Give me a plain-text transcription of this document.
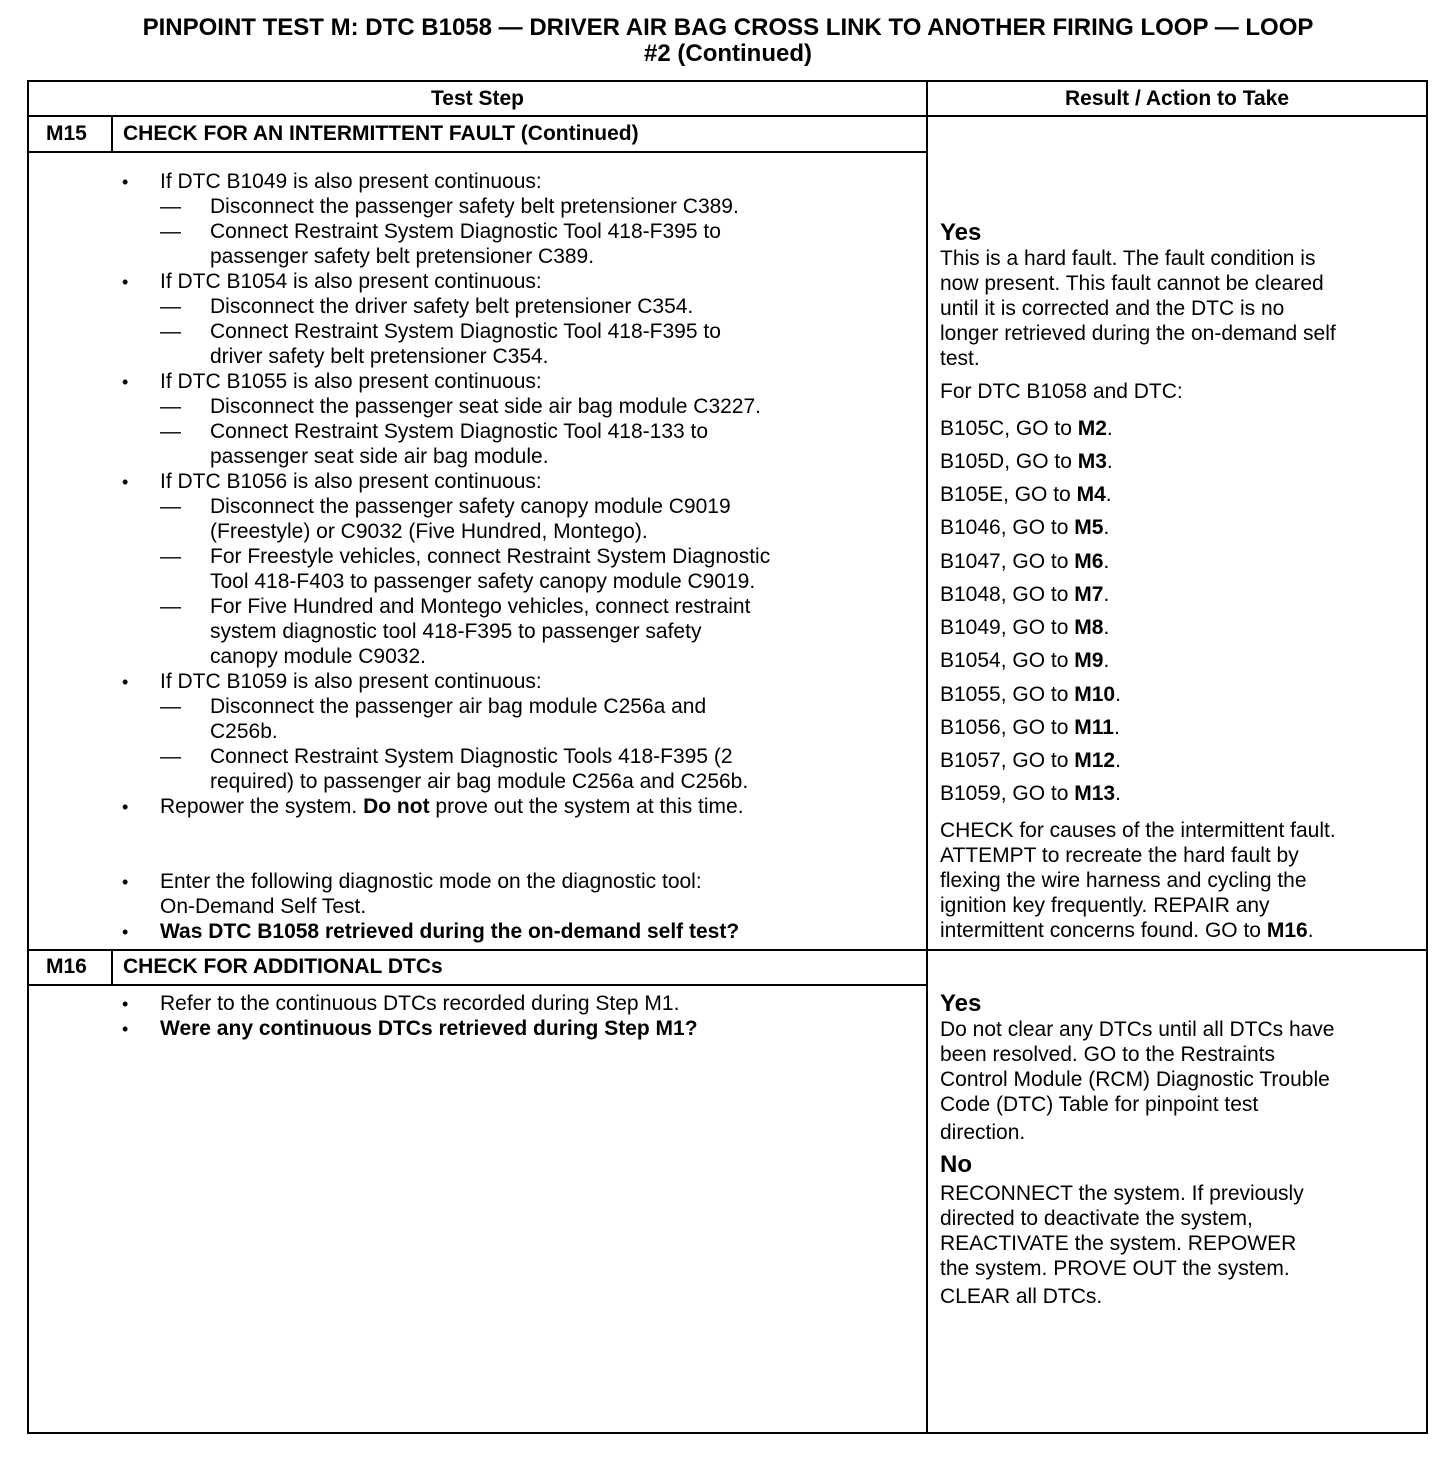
PINPOINT TEST M: DTC B1058 — DRIVER AIR BAG CROSS LINK TO ANOTHER FIRING LOOP — LOOP
#2 (Continued)
Test Step	Result / Action to Take
M15 CHECK FOR AN INTERMITTENT FAULT (Continued)
• If DTC B1049 is also present continuous:
— Disconnect the passenger safety belt pretensioner C389.
— Connect Restraint System Diagnostic Tool 418-F395 to
passenger safety belt pretensioner C389.
• If DTC B1054 is also present continuous:
— Disconnect the driver safety belt pretensioner C354.
— Connect Restraint System Diagnostic Tool 418-F395 to
driver safety belt pretensioner C354.
• If DTC B1055 is also present continuous:
— Disconnect the passenger seat side air bag module C3227.
— Connect Restraint System Diagnostic Tool 418-133 to
passenger seat side air bag module.
• If DTC B1056 is also present continuous:
— Disconnect the passenger safety canopy module C9019
(Freestyle) or C9032 (Five Hundred, Montego).
— For Freestyle vehicles, connect Restraint System Diagnostic
Tool 418-F403 to passenger safety canopy module C9019.
— For Five Hundred and Montego vehicles, connect restraint
system diagnostic tool 418-F395 to passenger safety
canopy module C9032.
• If DTC B1059 is also present continuous:
— Disconnect the passenger air bag module C256a and
C256b.
— Connect Restraint System Diagnostic Tools 418-F395 (2
required) to passenger air bag module C256a and C256b.
• Repower the system. Do not prove out the system at this time.
• Enter the following diagnostic mode on the diagnostic tool:
On-Demand Self Test.
• Was DTC B1058 retrieved during the on-demand self test?
Yes
This is a hard fault. The fault condition is
now present. This fault cannot be cleared
until it is corrected and the DTC is no
longer retrieved during the on-demand self
test.
For DTC B1058 and DTC:
B105C, GO to M2.
B105D, GO to M3.
B105E, GO to M4.
B1046, GO to M5.
B1047, GO to M6.
B1048, GO to M7.
B1049, GO to M8.
B1054, GO to M9.
B1055, GO to M10.
B1056, GO to M11.
B1057, GO to M12.
B1059, GO to M13.
CHECK for causes of the intermittent fault.
ATTEMPT to recreate the hard fault by
flexing the wire harness and cycling the
ignition key frequently. REPAIR any
intermittent concerns found. GO to M16.
M16 CHECK FOR ADDITIONAL DTCs
• Refer to the continuous DTCs recorded during Step M1.
• Were any continuous DTCs retrieved during Step M1?
Yes
Do not clear any DTCs until all DTCs have
been resolved. GO to the Restraints
Control Module (RCM) Diagnostic Trouble
Code (DTC) Table for pinpoint test
direction.
No
RECONNECT the system. If previously
directed to deactivate the system,
REACTIVATE the system. REPOWER
the system. PROVE OUT the system.
CLEAR all DTCs.
